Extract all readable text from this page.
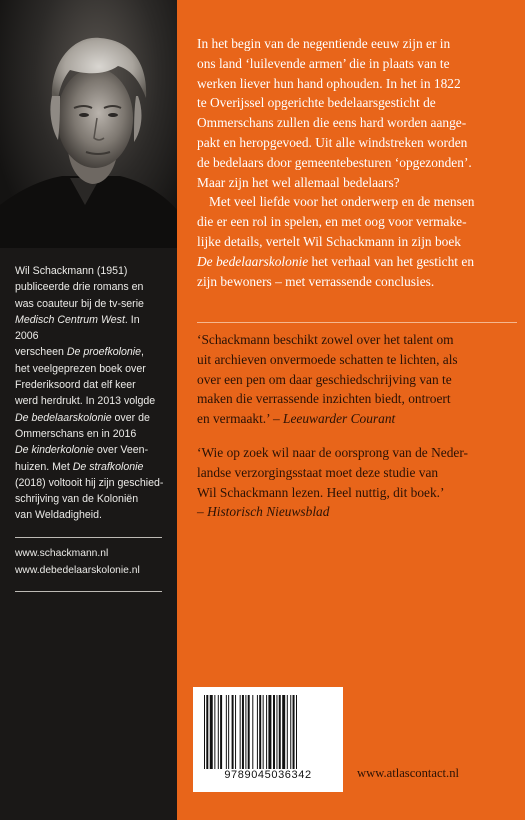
Wil Schackmann (1951)

publiceerde drie romans en

was coauteur bij de tv-serie

Medisch Centrum West. In 2006

verscheen De proefkolonie,

het veelgeprezen boek over

Frederiksoord dat elf keer

werd herdrukt. In 2013 volgde

De bedelaarskolonie over de

Ommerschans en in 2016

De kinderkolonie over Veen-

huizen. Met De strafkolonie

(2018) voltooit hij zijn geschied-

schrijving van de Koloniën

van Weldadigheid.

www.schackmann.nl
www.debedelaarskolonie.nl

In het begin van de negentiende eeuw zijn er in
ons land ‘luilevende armen’ die in plaats van te
werken liever hun hand ophouden. In het in 1822
te Overijssel opgerichte bedelaarsgesticht de
Ommerschans zullen die eens hard worden aange-
pakt en heropgevoed. Uit alle windstreken worden
de bedelaars door gemeentebesturen ‘opgezonden’.
Maar zijn het wel allemaal bedelaars?

Met veel liefde voor het onderwerp en de mensen
die er een rol in spelen, en met oog voor vermake-
lijke details, vertelt Wil Schackmann in zijn boek
De bedelaarskolonie het verhaal van het gesticht en
zijn bewoners – met verrassende conclusies.

‘Schackmann beschikt zowel over het talent om
uit archieven onvermoede schatten te lichten, als
over een pen om daar geschiedschrijving van te
maken die verrassende inzichten biedt, ontroert
en vermaakt.’ – Leeuwarder Courant

‘Wie op zoek wil naar de oorsprong van de Neder-
landse verzorgingsstaat moet deze studie van
Wil Schackmann lezen. Heel nuttig, dit boek.’
– Historisch Nieuwsblad

9789045036342	www.atlascontact.nl
